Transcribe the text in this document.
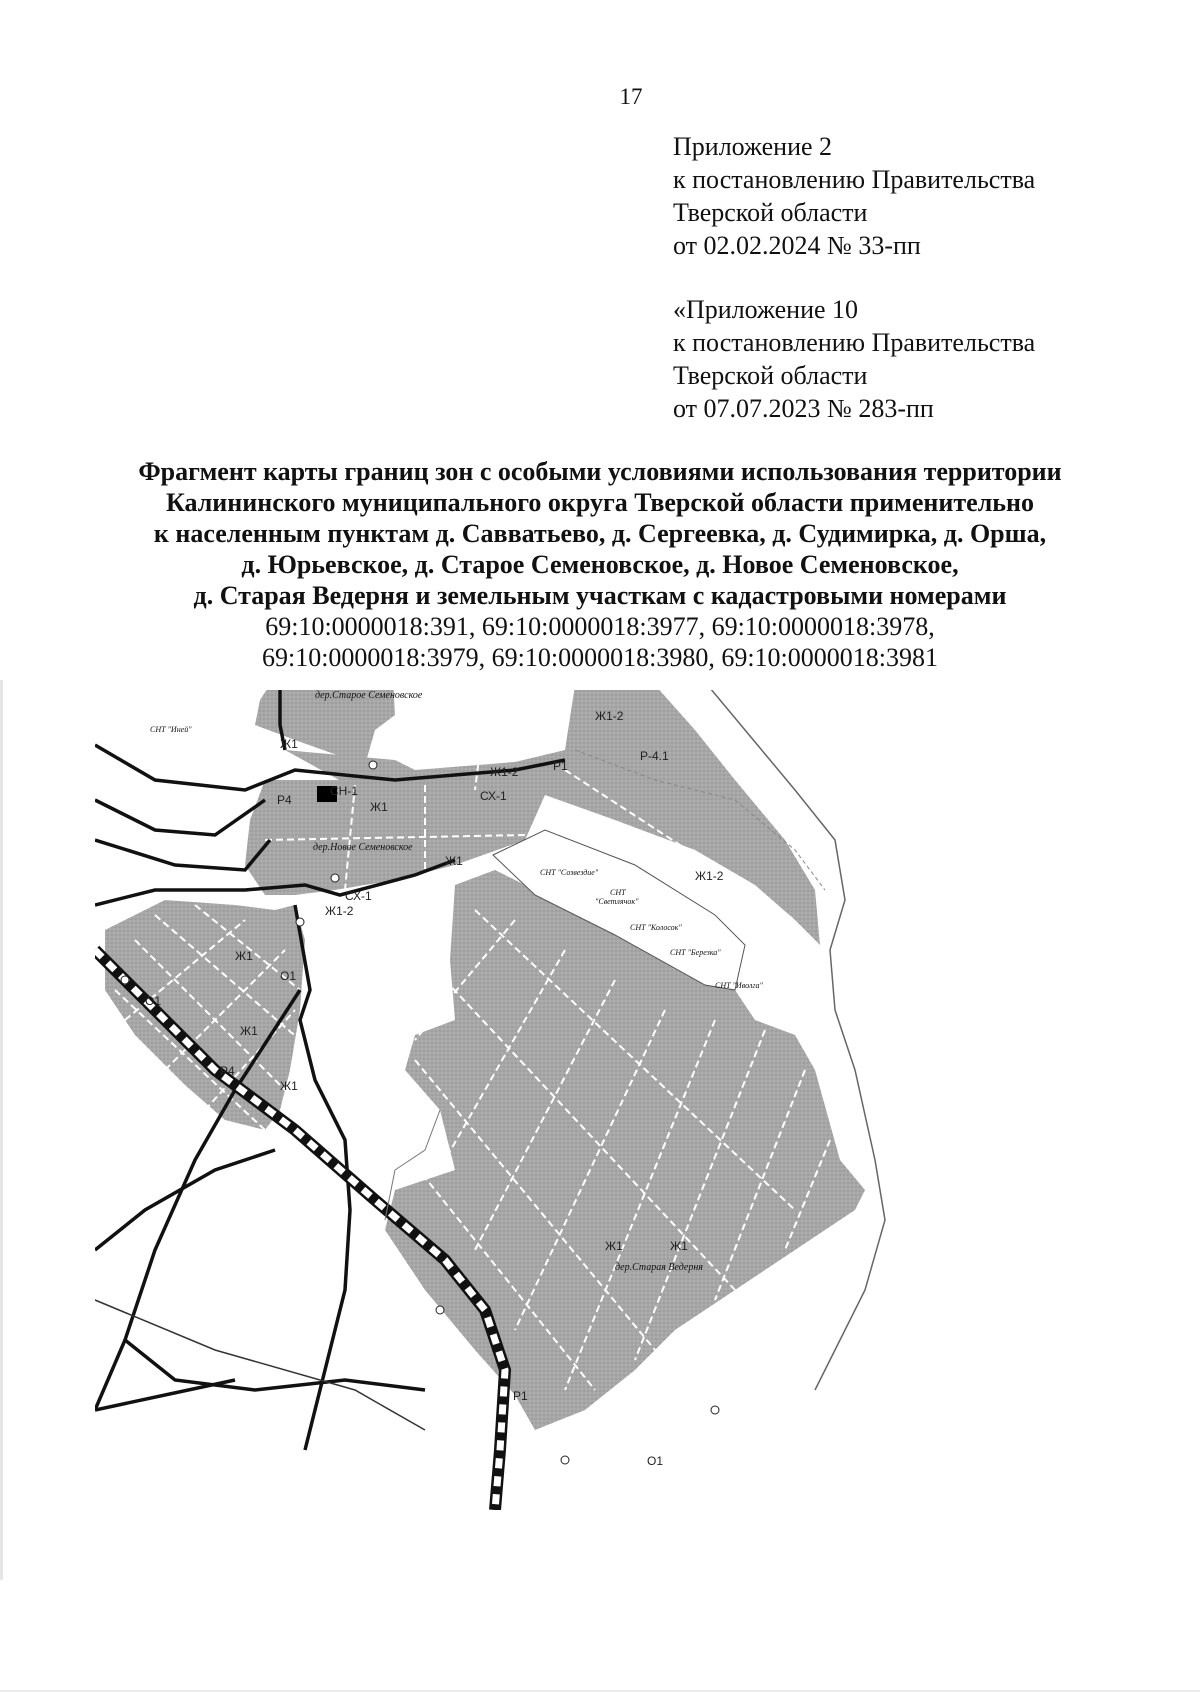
17
Приложение 2
к постановлению Правительства
Тверской области
от 02.02.2024 № 33-пп
«Приложение 10
к постановлению Правительства
Тверской области
от 07.07.2023 № 283-пп
Фрагмент карты границ зон с особыми условиями использования территории
Калининского муниципального округа Тверской области применительно
к населенным пунктам д. Савватьево, д. Сергеевка, д. Судимирка, д. Орша,
д. Юрьевское, д. Старое Семеновское, д. Новое Семеновское,
д. Старая Ведерня и земельным участкам с кадастровыми номерами
69:10:0000018:391, 69:10:0000018:3977, 69:10:0000018:3978,
69:10:0000018:3979, 69:10:0000018:3980, 69:10:0000018:3981
дер.Старое Семеновское
дер.Новое Семеновское
дер.Старая Ведерня
СНТ "Иней"
СНТ "Созвездие"
СНТ
"Светлячок"
СНТ "Колосок"
СНТ "Березка"
СНТ "Иволга"
Ж1-2
Ж1
Р1
Р-4.1
Ж1-2
СН-1
Ж1
СХ-1
Р4
Ж1
СХ-1
Ж1-2
Ж1-2
Ж1
О1
О1
Ж1
Р4
Ж1
Ж1
Ж1
Р1
О1
